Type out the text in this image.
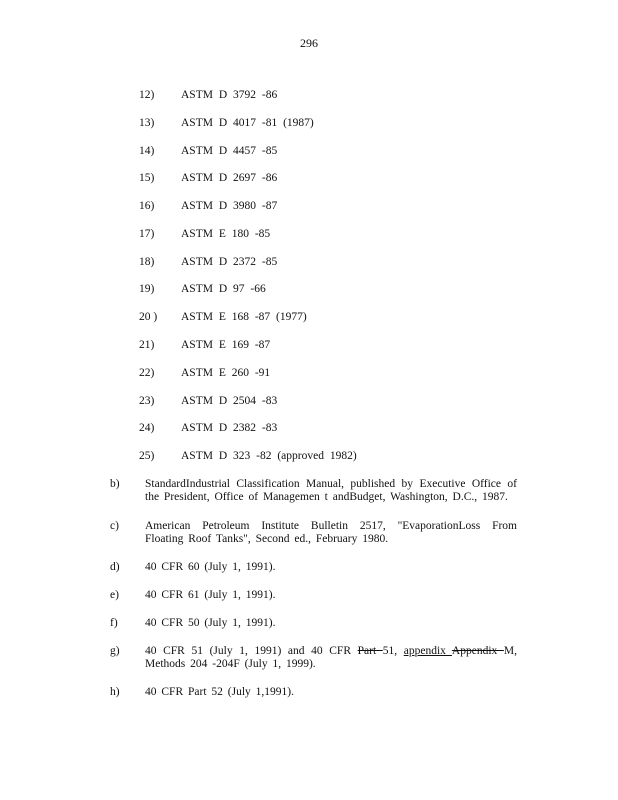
296
12) ASTM D 3792 -86
13) ASTM D 4017 -81 (1987)
14) ASTM D 4457 -85
15) ASTM D 2697 -86
16) ASTM D 3980 -87
17) ASTM E 180 -85
18) ASTM D 2372 -85
19) ASTM D 97 -66
20 ) ASTM E 168 -87 (1977)
21) ASTM E 169 -87
22) ASTM E 260 -91
23) ASTM D 2504 -83
24) ASTM D 2382 -83
25) ASTM D 323 -82 (approved 1982)
b) StandardIndustrial Classification Manual, published by Executive Office of the President, Office of Managemen t andBudget, Washington, D.C., 1987.
c) American Petroleum Institute Bulletin 2517, "EvaporationLoss From Floating Roof Tanks", Second ed., February 1980.
d) 40 CFR 60 (July 1, 1991).
e) 40 CFR 61 (July 1, 1991).
f) 40 CFR 50 (July 1, 1991).
g) 40 CFR 51 (July 1, 1991) and 40 CFR Part 51, appendix Appendix M, Methods 204 -204F (July 1, 1999).
h) 40 CFR Part 52 (July 1,1991).
